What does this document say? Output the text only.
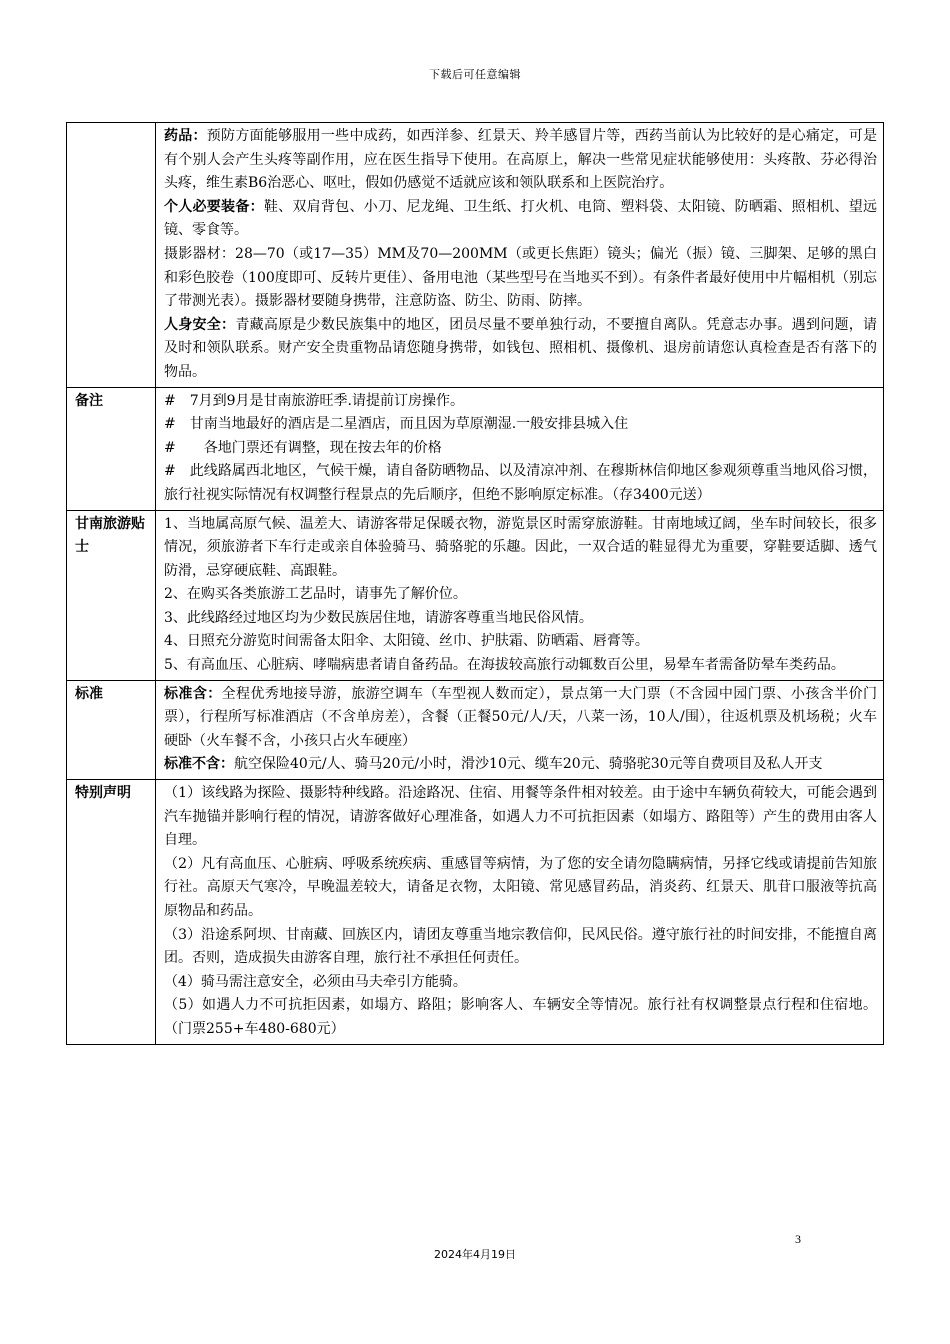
下载后可任意编辑

	药品：预防方面能够服用一些中成药，如西洋参、红景天、羚羊感冒片等，西药当前认为比较好的是心痛定，可是有个别人会产生头疼等副作用，应在医生指导下使用。在高原上，解决一些常见症状能够使用：头疼散、芬必得治头疼，维生素B6治恶心、呕吐，假如仍感觉不适就应该和领队联系和上医院治疗。

个人必要装备：鞋、双肩背包、小刀、尼龙绳、卫生纸、打火机、电筒、塑料袋、太阳镜、防晒霜、照相机、望远镜、零食等。

摄影器材：28—70（或17—35）MM及70—200MM（或更长焦距）镜头；偏光（振）镜、三脚架、足够的黑白和彩色胶卷（100度即可、反转片更佳）、备用电池（某些型号在当地买不到）。有条件者最好使用中片幅相机（别忘了带测光表）。摄影器材要随身携带，注意防盗、防尘、防雨、防摔。

人身安全：青藏高原是少数民族集中的地区，团员尽量不要单独行动，不要擅自离队。凭意志办事。遇到问题，请及时和领队联系。财产安全贵重物品请您随身携带，如钱包、照相机、摄像机、退房前请您认真检查是否有落下的物品。

备注	#　7月到9月是甘南旅游旺季.请提前订房操作。

#　甘南当地最好的酒店是二星酒店，而且因为草原潮湿.一般安排县城入住

#　　各地门票还有调整，现在按去年的价格

#　此线路属西北地区，气候干燥，请自备防晒物品、以及清凉冲剂、在穆斯林信仰地区参观须尊重当地风俗习惯，旅行社视实际情况有权调整行程景点的先后顺序，但绝不影响原定标准。（存3400元送）

甘南旅游贴士	1、当地属高原气候、温差大、请游客带足保暖衣物，游览景区时需穿旅游鞋。甘南地域辽阔，坐车时间较长，很多情况，须旅游者下车行走或亲自体验骑马、骑骆驼的乐趣。因此，一双合适的鞋显得尤为重要，穿鞋要适脚、透气防滑，忌穿硬底鞋、高跟鞋。

2、在购买各类旅游工艺品时，请事先了解价位。

3、此线路经过地区均为少数民族居住地，请游客尊重当地民俗风情。

4、日照充分游览时间需备太阳伞、太阳镜、丝巾、护肤霜、防晒霜、唇膏等。

5、有高血压、心脏病、哮喘病患者请自备药品。在海拔较高旅行动辄数百公里，易晕车者需备防晕车类药品。

标准	标准含：全程优秀地接导游，旅游空调车（车型视人数而定），景点第一大门票（不含园中园门票、小孩含半价门票），行程所写标准酒店（不含单房差），含餐（正餐50元/人/天，八菜一汤，10人/围），往返机票及机场税；火车硬卧（火车餐不含，小孩只占火车硬座）

标准不含：航空保险40元/人、骑马20元/小时，滑沙10元、缆车20元、骑骆驼30元等自费项目及私人开支

特别声明	（1）该线路为探险、摄影特种线路。沿途路况、住宿、用餐等条件相对较差。由于途中车辆负荷较大，可能会遇到汽车抛锚并影响行程的情况，请游客做好心理准备，如遇人力不可抗拒因素（如塌方、路阻等）产生的费用由客人自理。

（2）凡有高血压、心脏病、呼吸系统疾病、重感冒等病情，为了您的安全请勿隐瞒病情，另择它线或请提前告知旅行社。高原天气寒冷，早晚温差较大，请备足衣物，太阳镜、常见感冒药品，消炎药、红景天、肌苷口服液等抗高原物品和药品。

（3）沿途系阿坝、甘南藏、回族区内，请团友尊重当地宗教信仰，民风民俗。遵守旅行社的时间安排，不能擅自离团。否则，造成损失由游客自理，旅行社不承担任何责任。

（4）骑马需注意安全，必须由马夫牵引方能骑。

（5）如遇人力不可抗拒因素，如塌方、路阻；影响客人、车辆安全等情况。旅行社有权调整景点行程和住宿地。（门票255+车480-680元）

3
2024年4月19日
